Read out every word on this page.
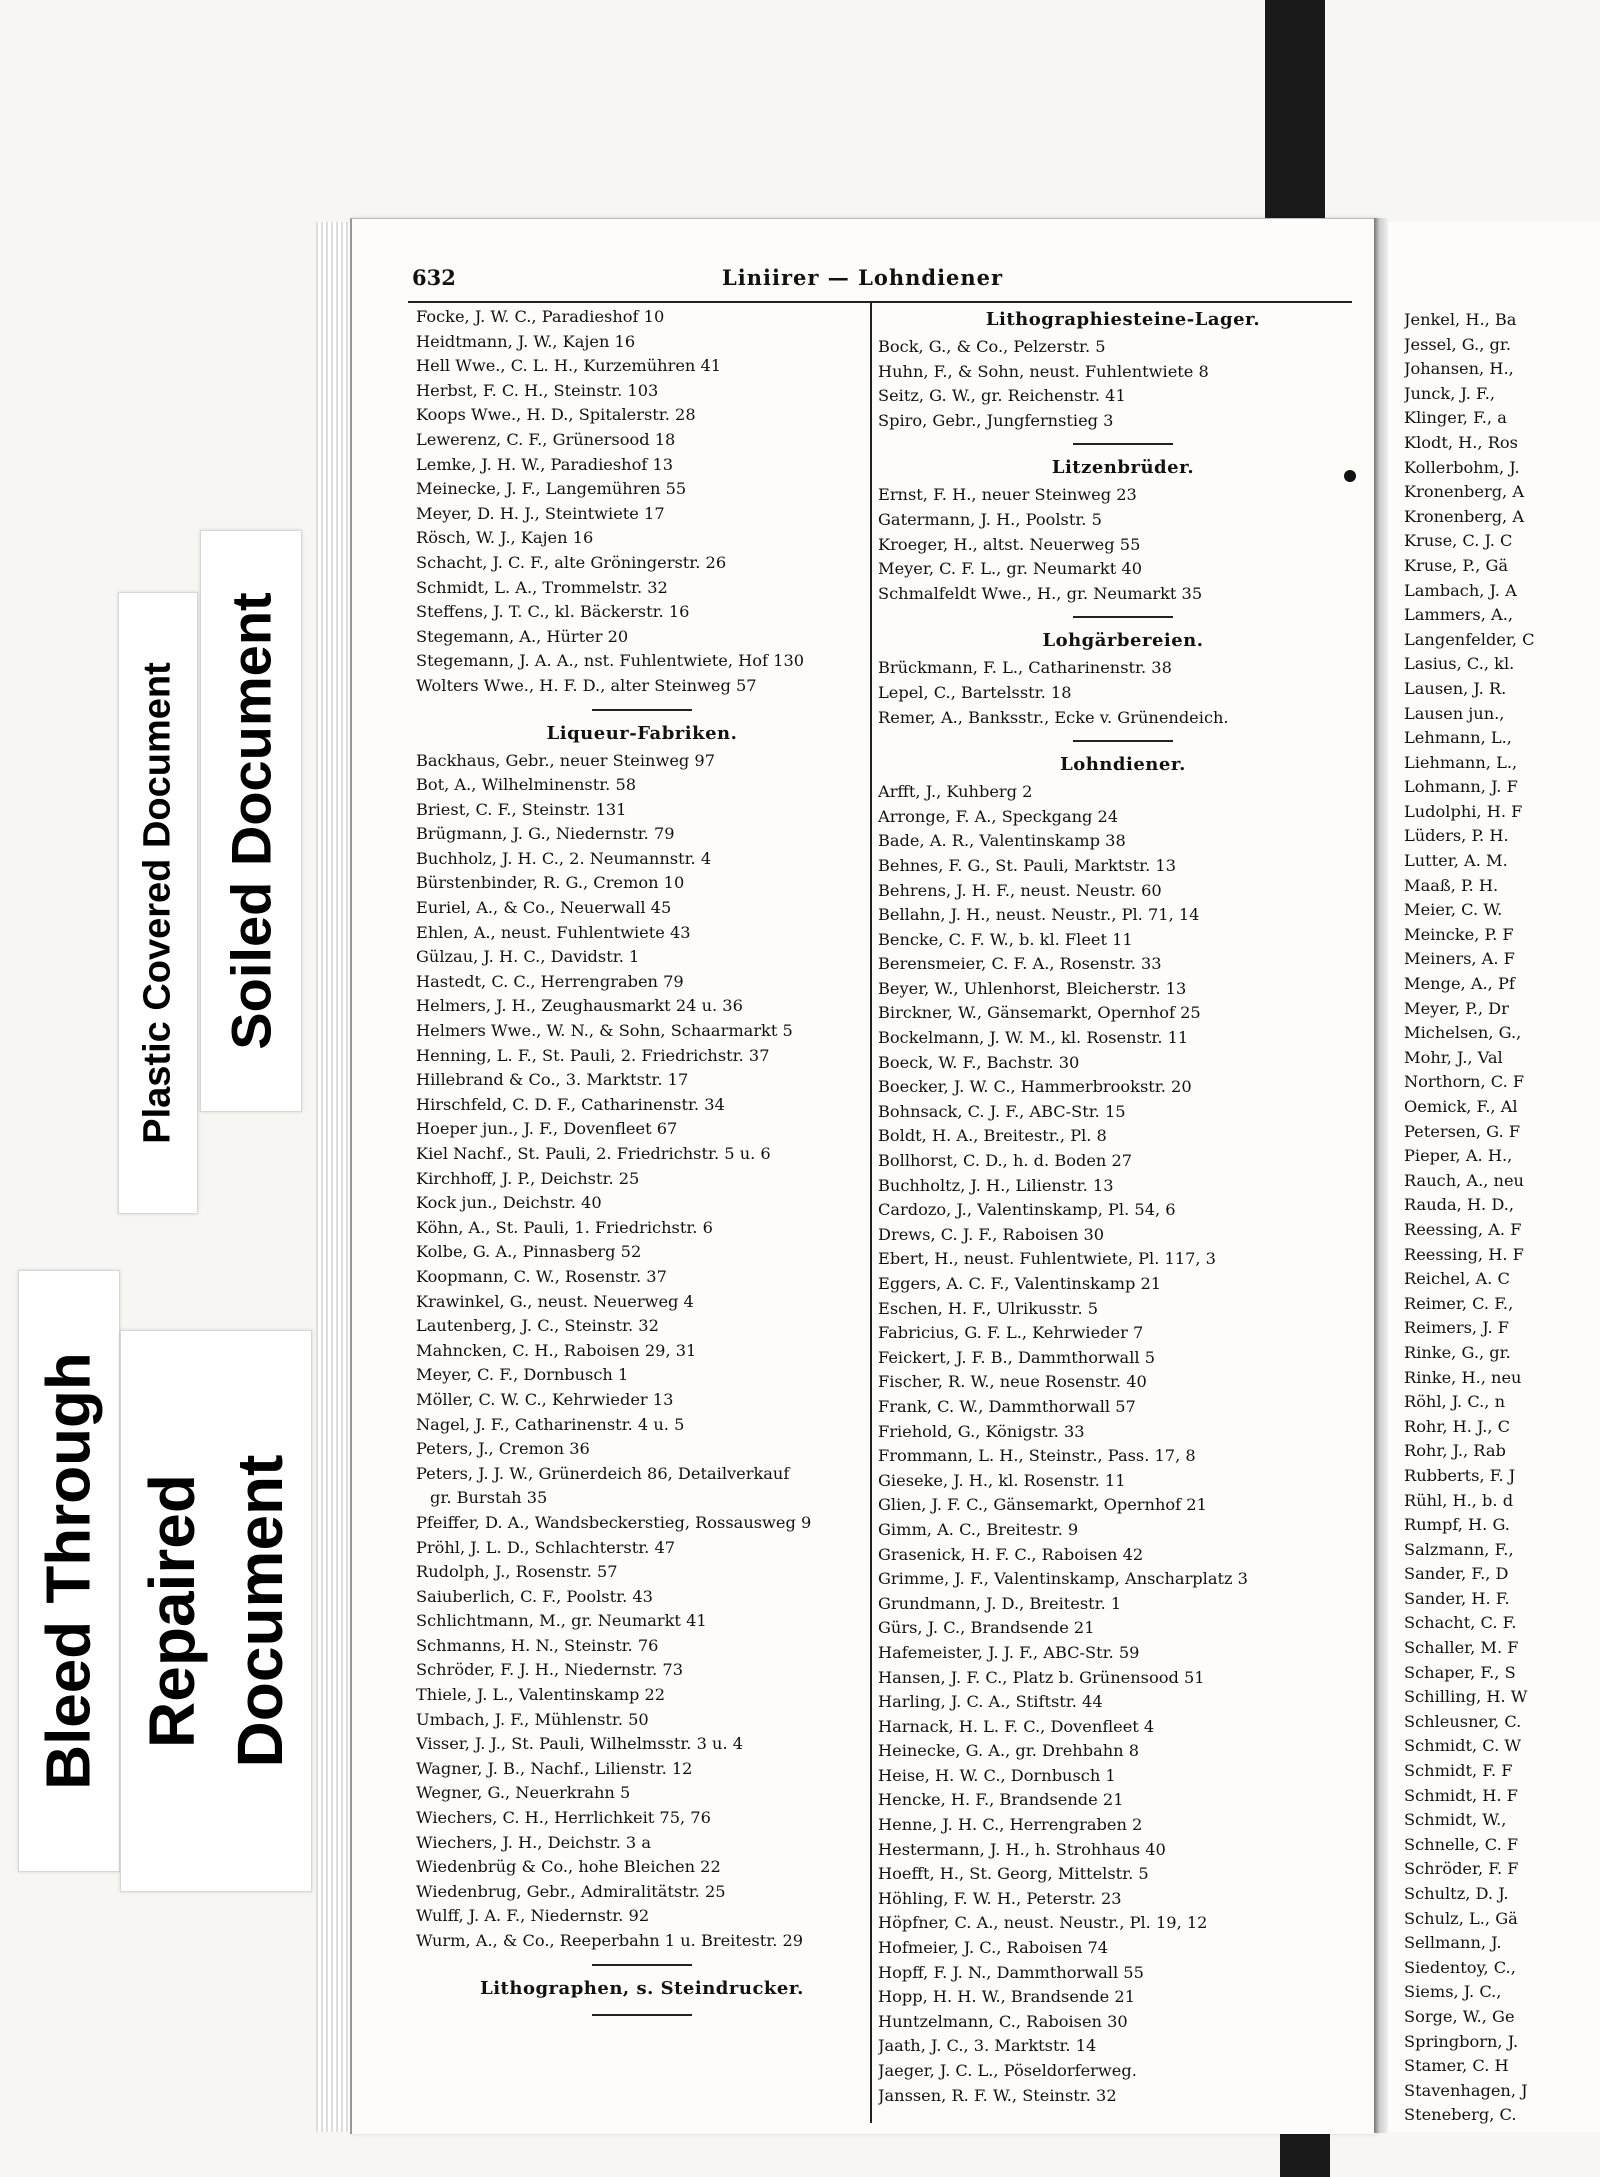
632	Liniirer — Lohndiener
Focke, J. W. C., Paradieshof 10
Heidtmann, J. W., Kajen 16
Hell Wwe., C. L. H., Kurzemühren 41
Herbst, F. C. H., Steinstr. 103
Koops Wwe., H. D., Spitalerstr. 28
Lewerenz, C. F., Grünersood 18
Lemke, J. H. W., Paradieshof 13
Meinecke, J. F., Langemühren 55
Meyer, D. H. J., Steintwiete 17
Rösch, W. J., Kajen 16
Schacht, J. C. F., alte Gröningerstr. 26
Schmidt, L. A., Trommelstr. 32
Steffens, J. T. C., kl. Bäckerstr. 16
Stegemann, A., Hürter 20
Stegemann, J. A. A., nst. Fuhlentwiete, Hof 130
Wolters Wwe., H. F. D., alter Steinweg 57
Liqueur-Fabriken.
Backhaus, Gebr., neuer Steinweg 97
Bot, A., Wilhelminenstr. 58
Briest, C. F., Steinstr. 131
Brügmann, J. G., Niedernstr. 79
Buchholz, J. H. C., 2. Neumannstr. 4
Bürstenbinder, R. G., Cremon 10
Euriel, A., & Co., Neuerwall 45
Ehlen, A., neust. Fuhlentwiete 43
Gülzau, J. H. C., Davidstr. 1
Hastedt, C. C., Herrengraben 79
Helmers, J. H., Zeughausmarkt 24 u. 36
Helmers Wwe., W. N., & Sohn, Schaarmarkt 5
Henning, L. F., St. Pauli, 2. Friedrichstr. 37
Hillebrand & Co., 3. Marktstr. 17
Hirschfeld, C. D. F., Catharinenstr. 34
Hoeper jun., J. F., Dovenfleet 67
Kiel Nachf., St. Pauli, 2. Friedrichstr. 5 u. 6
Kirchhoff, J. P., Deichstr. 25
Kock jun., Deichstr. 40
Köhn, A., St. Pauli, 1. Friedrichstr. 6
Kolbe, G. A., Pinnasberg 52
Koopmann, C. W., Rosenstr. 37
Krawinkel, G., neust. Neuerweg 4
Lautenberg, J. C., Steinstr. 32
Mahncken, C. H., Raboisen 29, 31
Meyer, C. F., Dornbusch 1
Möller, C. W. C., Kehrwieder 13
Nagel, J. F., Catharinenstr. 4 u. 5
Peters, J., Cremon 36
Peters, J. J. W., Grünerdeich 86, Detailverkauf
gr. Burstah 35
Pfeiffer, D. A., Wandsbeckerstieg, Rossausweg 9
Pröhl, J. L. D., Schlachterstr. 47
Rudolph, J., Rosenstr. 57
Saiuberlich, C. F., Poolstr. 43
Schlichtmann, M., gr. Neumarkt 41
Schmanns, H. N., Steinstr. 76
Schröder, F. J. H., Niedernstr. 73
Thiele, J. L., Valentinskamp 22
Umbach, J. F., Mühlenstr. 50
Visser, J. J., St. Pauli, Wilhelmsstr. 3 u. 4
Wagner, J. B., Nachf., Lilienstr. 12
Wegner, G., Neuerkrahn 5
Wiechers, C. H., Herrlichkeit 75, 76
Wiechers, J. H., Deichstr. 3 a
Wiedenbrüg & Co., hohe Bleichen 22
Wiedenbrug, Gebr., Admiralitätstr. 25
Wulff, J. A. F., Niedernstr. 92
Wurm, A., & Co., Reeperbahn 1 u. Breitestr. 29
Lithographen, s. Steindrucker.
Lithographiesteine-Lager.
Bock, G., & Co., Pelzerstr. 5
Huhn, F., & Sohn, neust. Fuhlentwiete 8
Seitz, G. W., gr. Reichenstr. 41
Spiro, Gebr., Jungfernstieg 3
Litzenbrüder.
Ernst, F. H., neuer Steinweg 23
Gatermann, J. H., Poolstr. 5
Kroeger, H., altst. Neuerweg 55
Meyer, C. F. L., gr. Neumarkt 40
Schmalfeldt Wwe., H., gr. Neumarkt 35
Lohgärbereien.
Brückmann, F. L., Catharinenstr. 38
Lepel, C., Bartelsstr. 18
Remer, A., Banksstr., Ecke v. Grünendeich.
Lohndiener.
Arfft, J., Kuhberg 2
Arronge, F. A., Speckgang 24
Bade, A. R., Valentinskamp 38
Behnes, F. G., St. Pauli, Marktstr. 13
Behrens, J. H. F., neust. Neustr. 60
Bellahn, J. H., neust. Neustr., Pl. 71, 14
Bencke, C. F. W., b. kl. Fleet 11
Berensmeier, C. F. A., Rosenstr. 33
Beyer, W., Uhlenhorst, Bleicherstr. 13
Birckner, W., Gänsemarkt, Opernhof 25
Bockelmann, J. W. M., kl. Rosenstr. 11
Boeck, W. F., Bachstr. 30
Boecker, J. W. C., Hammerbrookstr. 20
Bohnsack, C. J. F., ABC-Str. 15
Boldt, H. A., Breitestr., Pl. 8
Bollhorst, C. D., h. d. Boden 27
Buchholtz, J. H., Lilienstr. 13
Cardozo, J., Valentinskamp, Pl. 54, 6
Drews, C. J. F., Raboisen 30
Ebert, H., neust. Fuhlentwiete, Pl. 117, 3
Eggers, A. C. F., Valentinskamp 21
Eschen, H. F., Ulrikusstr. 5
Fabricius, G. F. L., Kehrwieder 7
Feickert, J. F. B., Dammthorwall 5
Fischer, R. W., neue Rosenstr. 40
Frank, C. W., Dammthorwall 57
Friehold, G., Königstr. 33
Frommann, L. H., Steinstr., Pass. 17, 8
Gieseke, J. H., kl. Rosenstr. 11
Glien, J. F. C., Gänsemarkt, Opernhof 21
Gimm, A. C., Breitestr. 9
Grasenick, H. F. C., Raboisen 42
Grimme, J. F., Valentinskamp, Anscharplatz 3
Grundmann, J. D., Breitestr. 1
Gürs, J. C., Brandsende 21
Hafemeister, J. J. F., ABC-Str. 59
Hansen, J. F. C., Platz b. Grünensood 51
Harling, J. C. A., Stiftstr. 44
Harnack, H. L. F. C., Dovenfleet 4
Heinecke, G. A., gr. Drehbahn 8
Heise, H. W. C., Dornbusch 1
Hencke, H. F., Brandsende 21
Henne, J. H. C., Herrengraben 2
Hestermann, J. H., h. Strohhaus 40
Hoefft, H., St. Georg, Mittelstr. 5
Höhling, F. W. H., Peterstr. 23
Höpfner, C. A., neust. Neustr., Pl. 19, 12
Hofmeier, J. C., Raboisen 74
Hopff, F. J. N., Dammthorwall 55
Hopp, H. H. W., Brandsende 21
Huntzelmann, C., Raboisen 30
Jaath, J. C., 3. Marktstr. 14
Jaeger, J. C. L., Pöseldorferweg.
Janssen, R. F. W., Steinstr. 32
Jenkel, H., Ba
Jessel, G., gr.
Johansen, H.,
Junck, J. F.,
Klinger, F., a
Klodt, H., Ros
Kollerbohm, J.
Kronenberg, A
Kronenberg, A
Kruse, C. J. C
Kruse, P., Gä
Lambach, J. A
Lammers, A.,
Langenfelder, C
Lasius, C., kl.
Lausen, J. R.
Lausen jun.,
Lehmann, L.,
Liehmann, L.,
Lohmann, J. F
Ludolphi, H. F
Lüders, P. H.
Lutter, A. M.
Maaß, P. H.
Meier, C. W.
Meincke, P. F
Meiners, A. F
Menge, A., Pf
Meyer, P., Dr
Michelsen, G.,
Mohr, J., Val
Northorn, C. F
Oemick, F., Al
Petersen, G. F
Pieper, A. H.,
Rauch, A., neu
Rauda, H. D.,
Reessing, A. F
Reessing, H. F
Reichel, A. C
Reimer, C. F.,
Reimers, J. F
Rinke, G., gr.
Rinke, H., neu
Röhl, J. C., n
Rohr, H. J., C
Rohr, J., Rab
Rubberts, F. J
Rühl, H., b. d
Rumpf, H. G.
Salzmann, F.,
Sander, F., D
Sander, H. F.
Schacht, C. F.
Schaller, M. F
Schaper, F., S
Schilling, H. W
Schleusner, C.
Schmidt, C. W
Schmidt, F. F
Schmidt, H. F
Schmidt, W.,
Schnelle, C. F
Schröder, F. F
Schultz, D. J.
Schulz, L., Gä
Sellmann, J.
Siedentoy, C.,
Siems, J. C.,
Sorge, W., Ge
Springborn, J.
Stamer, C. H
Stavenhagen, J
Steneberg, C.
Soiled Document
Plastic Covered Document
Bleed Through Repaired Document
